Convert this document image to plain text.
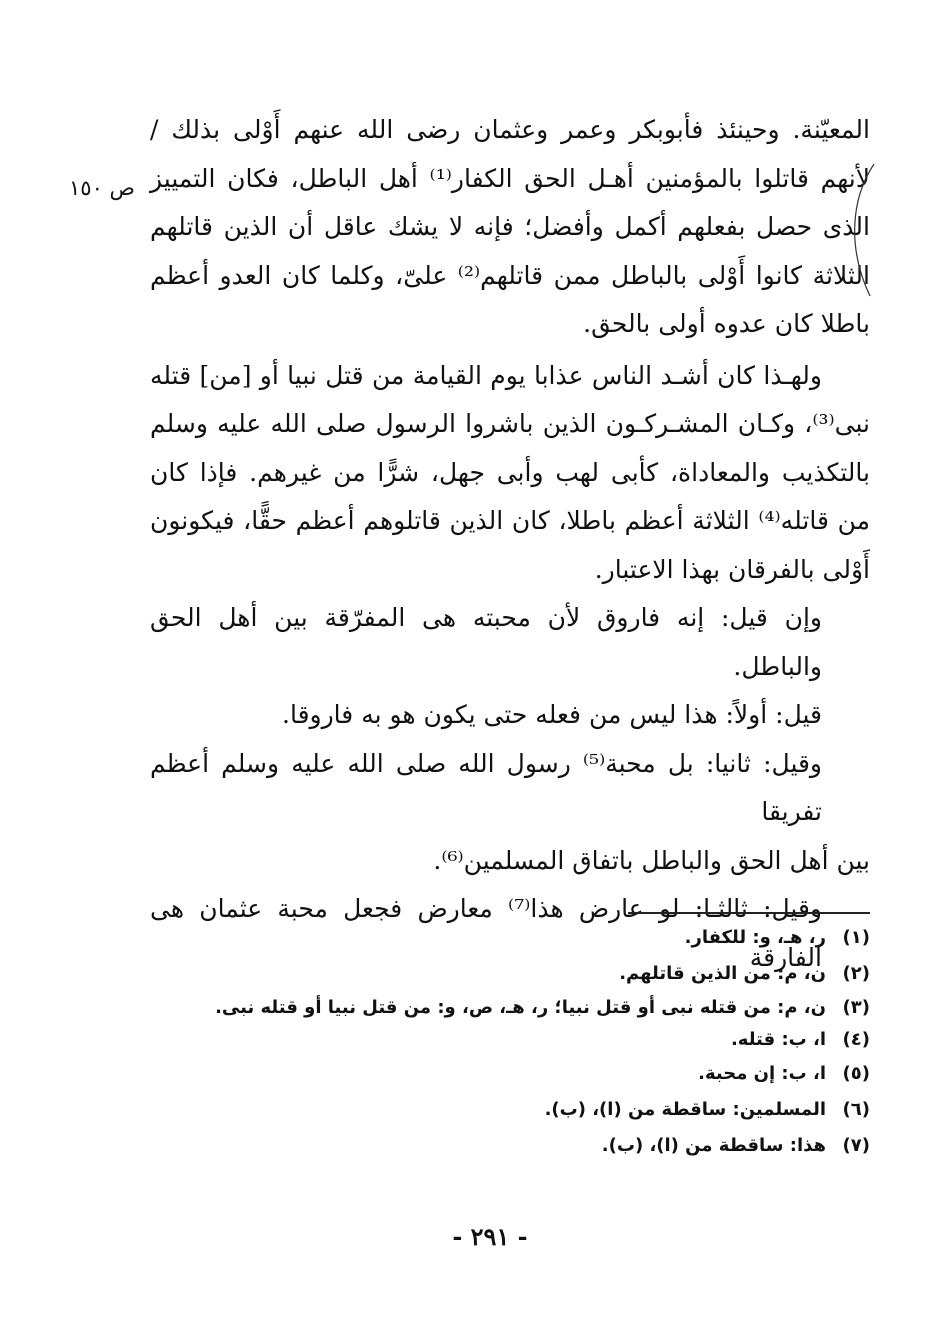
المعيّنة. وحينئذ فأبوبكر وعمر وعثمان رضى الله عنهم أَوْلى بذلك /
لأنهم قاتلوا بالمؤمنين أهـل الحق الكفار⁽¹⁾ أهل الباطل، فكان التمييز
الذى حصل بفعلهم أكمل وأفضل؛ فإنه لا يشك عاقل أن الذين قاتلهم
الثلاثة كانوا أَوْلى بالباطل ممن قاتلهم⁽²⁾ علىّ، وكلما كان العدو أعظم
باطلا كان عدوه أولى بالحق.

ولهـذا كان أشـد الناس عذابا يوم القيامة من قتل نبيا أو [من] قتله
نبى⁽³⁾، وكـان المشـركـون الذين باشروا الرسول صلى الله عليه وسلم
بالتكذيب والمعاداة، كأبى لهب وأبى جهل، شرًّا من غيرهم. فإذا كان
من قاتله⁽⁴⁾ الثلاثة أعظم باطلا، كان الذين قاتلوهم أعظم حقًّا، فيكونون
أَوْلى بالفرقان بهذا الاعتبار.

وإن قيل: إنه فاروق لأن محبته هى المفرّقة بين أهل الحق والباطل.

قيل: أولاً: هذا ليس من فعله حتى يكون هو به فاروقا.

وقيل: ثانيا: بل محبة⁽⁵⁾ رسول الله صلى الله عليه وسلم أعظم تفريقا
بين أهل الحق والباطل باتفاق المسلمين⁽⁶⁾.

وقيل: ثالثـا: لو عارض هذا⁽⁷⁾ معارض فجعل محبة عثمان هى الفارقة

ص ١٥٠
(١)
ر، هـ، و: للكفار.
(٢)
ن، م: من الذين قاتلهم.
(٣)
ن، م: من قتله نبى أو قتل نبيا؛ ر، هـ، ص، و: من قتل نبيا أو قتله نبى.
(٤)
ا، ب: قتله.
(٥)
ا، ب: إن محبة.
(٦)
المسلمين: ساقطة من (ا)، (ب).
(٧)
هذا: ساقطة من (ا)، (ب).
- ٢٩١ -
